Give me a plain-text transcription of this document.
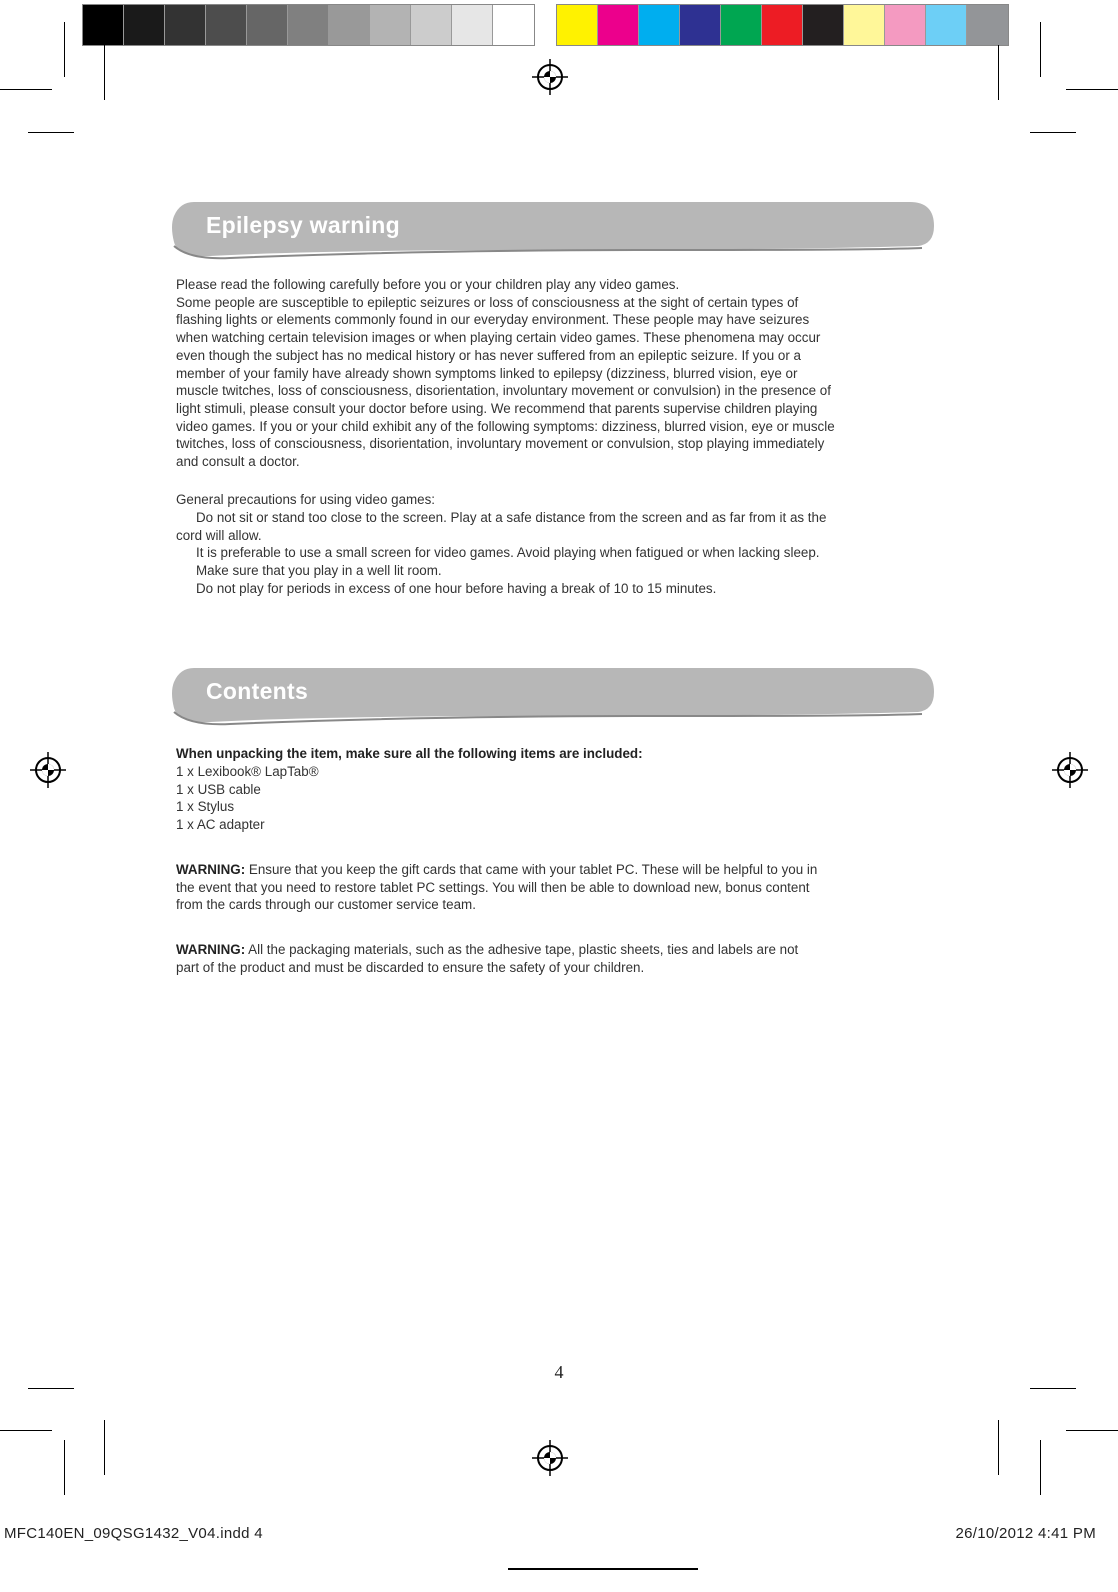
Epilepsy warning
Please read the following carefully before you or your children play any video games.
Some people are susceptible to epileptic seizures or loss of consciousness at the sight of certain types of
flashing lights or elements commonly found in our everyday environment. These people may have seizures
when watching certain television images or when playing certain video games. These phenomena may occur
even though the subject has no medical history or has never suffered from an epileptic seizure. If you or a
member of your family have already shown symptoms linked to epilepsy (dizziness, blurred vision, eye or
muscle twitches, loss of consciousness, disorientation, involuntary movement or convulsion) in the presence of
light stimuli, please consult your doctor before using. We recommend that parents supervise children playing
video games. If you or your child exhibit any of the following symptoms: dizziness, blurred vision, eye or muscle
twitches, loss of consciousness, disorientation, involuntary movement or convulsion, stop playing immediately
and consult a doctor.
General precautions for using video games:
Do not sit or stand too close to the screen. Play at a safe distance from the screen and as far from it as the
cord will allow.
It is preferable to use a small screen for video games. Avoid playing when fatigued or when lacking sleep.
Make sure that you play in a well lit room.
Do not play for periods in excess of one hour before having a break of 10 to 15 minutes.
Contents
When unpacking the item, make sure all the following items are included:
1 x Lexibook® LapTab®
1 x USB cable
1 x Stylus
1 x AC adapter
WARNING: Ensure that you keep the gift cards that came with your tablet PC. These will be helpful to you in
the event that you need to restore tablet PC settings. You will then be able to download new, bonus content
from the cards through our customer service team.
WARNING: All the packaging materials, such as the adhesive tape, plastic sheets, ties and labels are not
part of the product and must be discarded to ensure the safety of your children.
4
MFC140EN_09QSG1432_V04.indd 4	26/10/2012 4:41 PM
